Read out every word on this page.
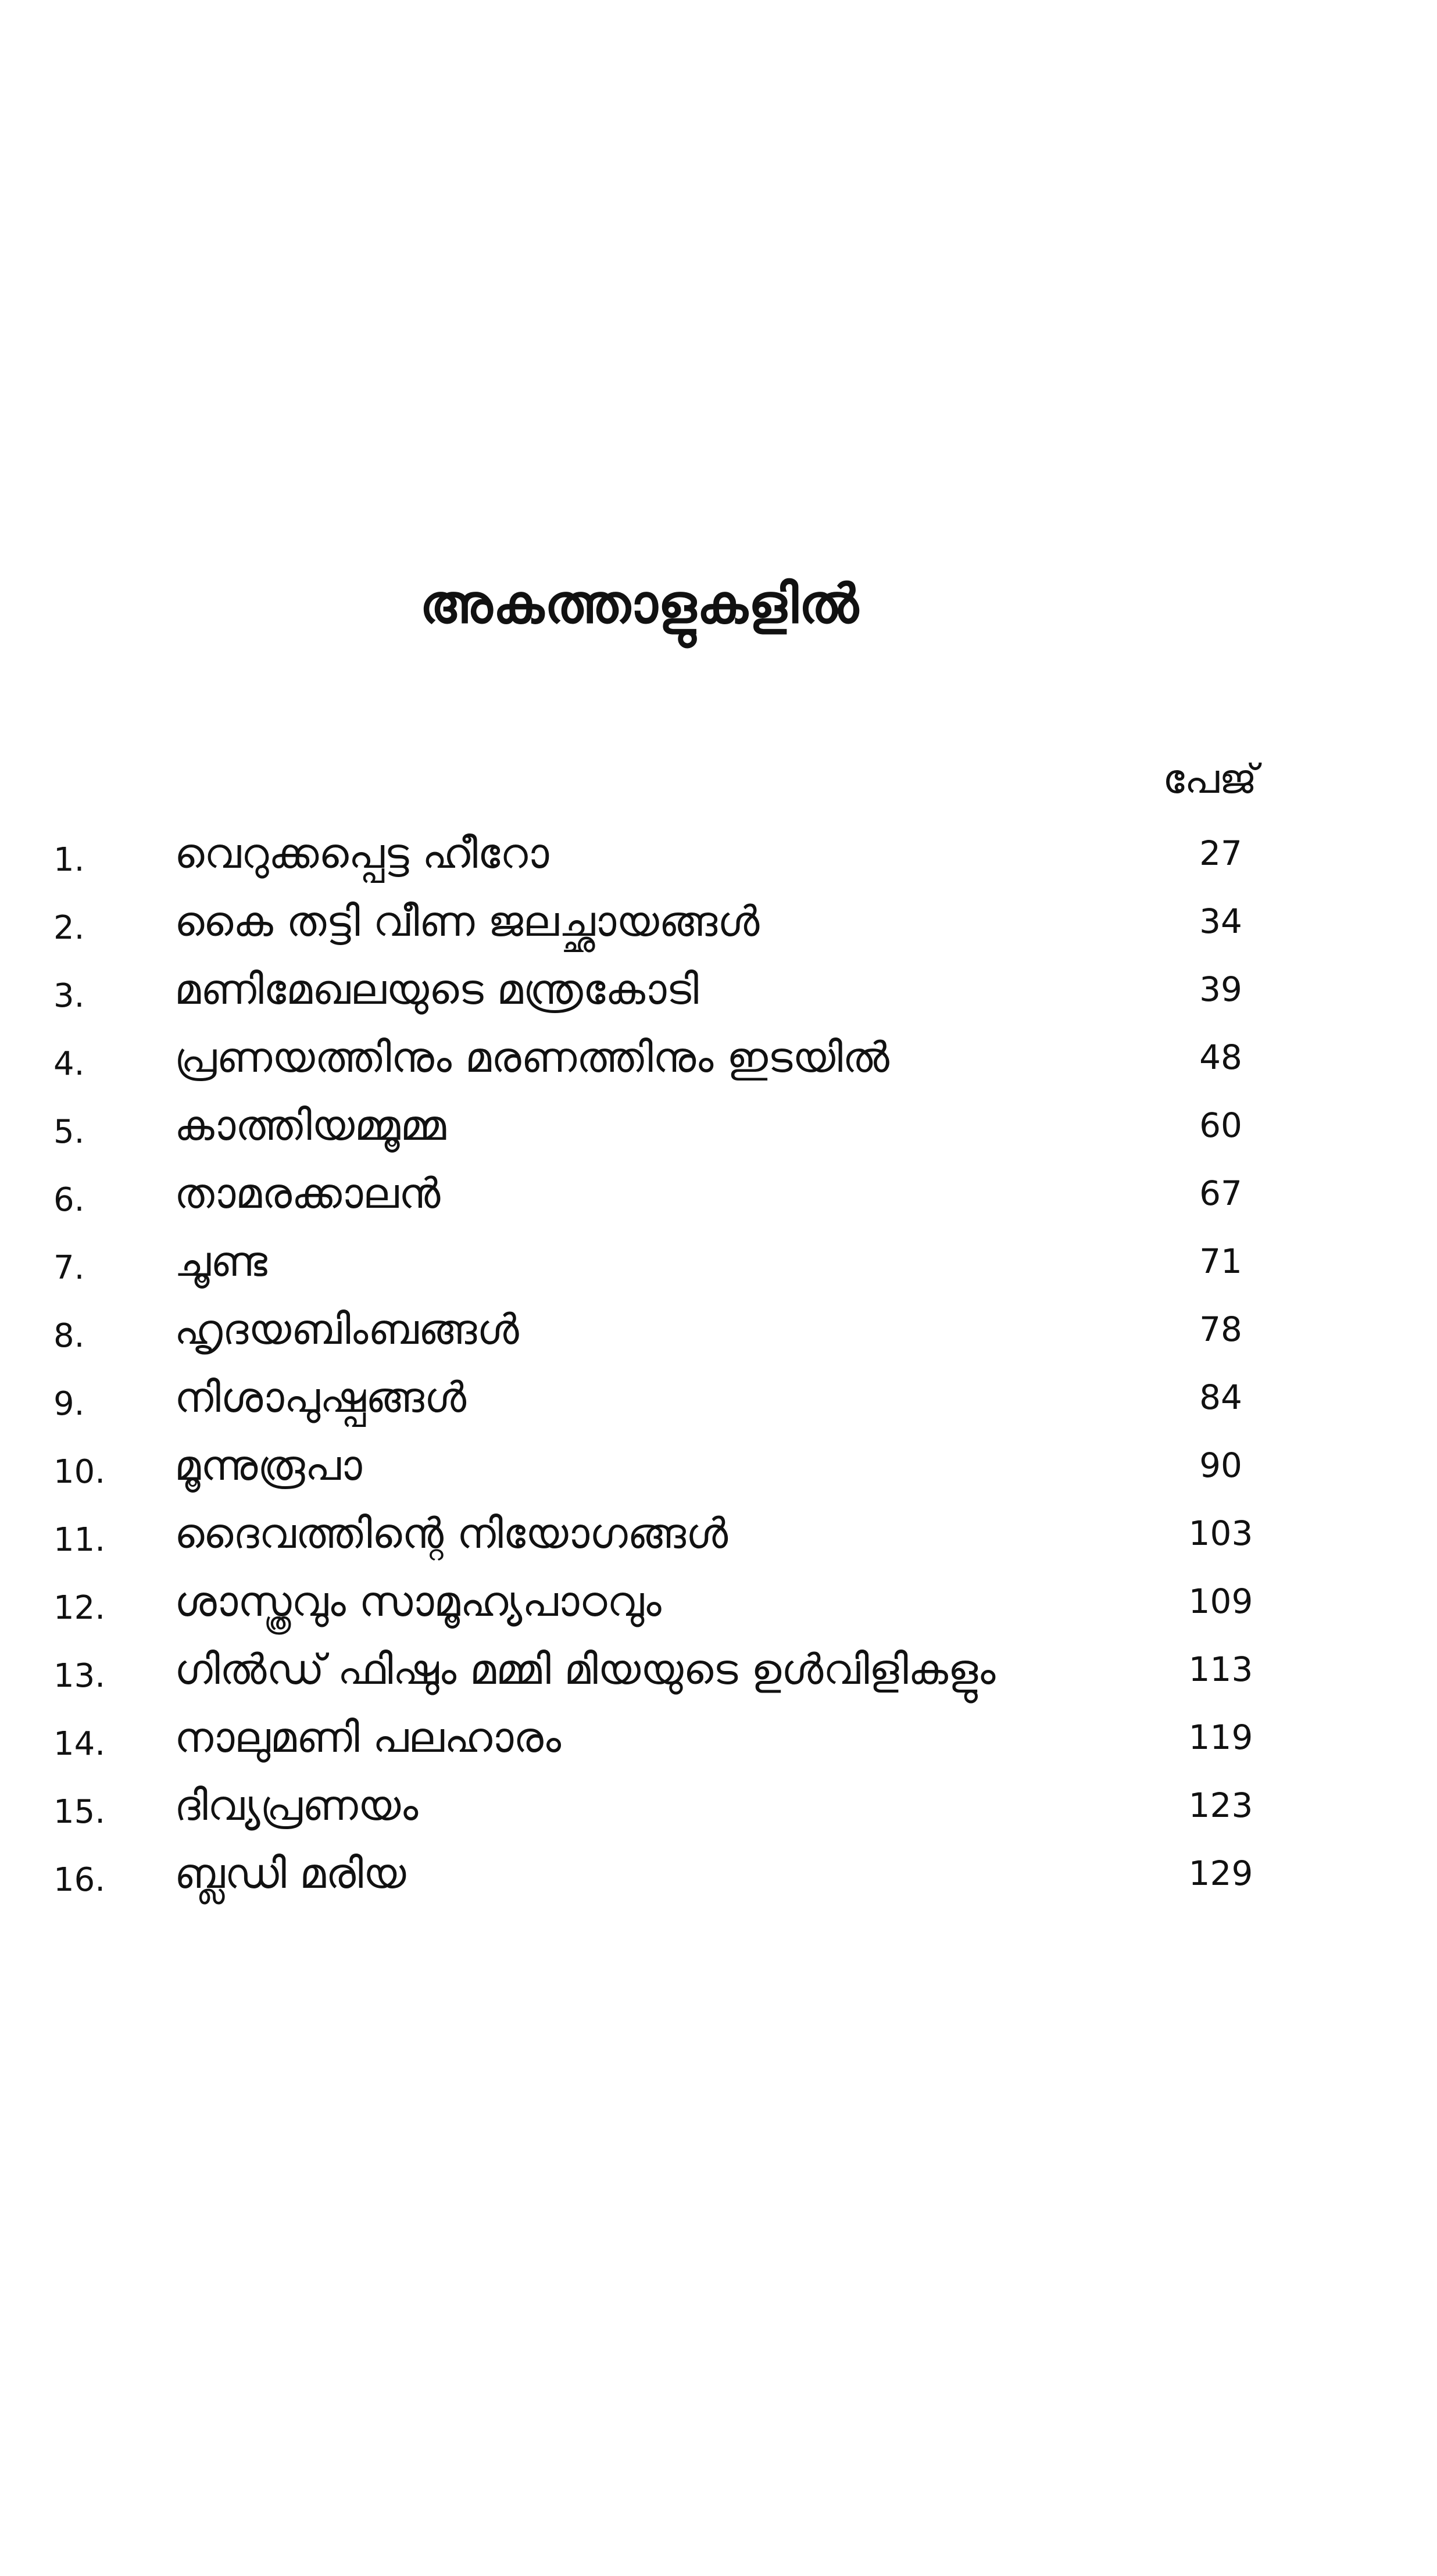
അകത്താളുകളിൽ
പേജ്
1. വെറുക്കപ്പെട്ട ഹീറോ	27
2. കൈ തട്ടി വീണ ജലച്ഛായങ്ങൾ	34
3. മണിമേഖലയുടെ മന്ത്രകോടി	39
4. പ്രണയത്തിനും മരണത്തിനും ഇടയിൽ	48
5. കാത്തിയമ്മൂമ്മ	60
6. താമരക്കാലൻ	67
7. ചൂണ്ട	71
8. ഹൃദയബിംബങ്ങൾ	78
9. നിശാപുഷ്പങ്ങൾ	84
10. മൂന്നുരൂപാ	90
11. ദൈവത്തിന്റെ നിയോഗങ്ങൾ	103
12. ശാസ്ത്രവും സാമൂഹ്യപാഠവും	109
13. ഗിൽഡ് ഫിഷും മമ്മി മിയയുടെ ഉൾവിളികളും	113
14. നാലുമണി പലഹാരം	119
15. ദിവ്യപ്രണയം	123
16. ബ്ലഡി മരിയ	129
